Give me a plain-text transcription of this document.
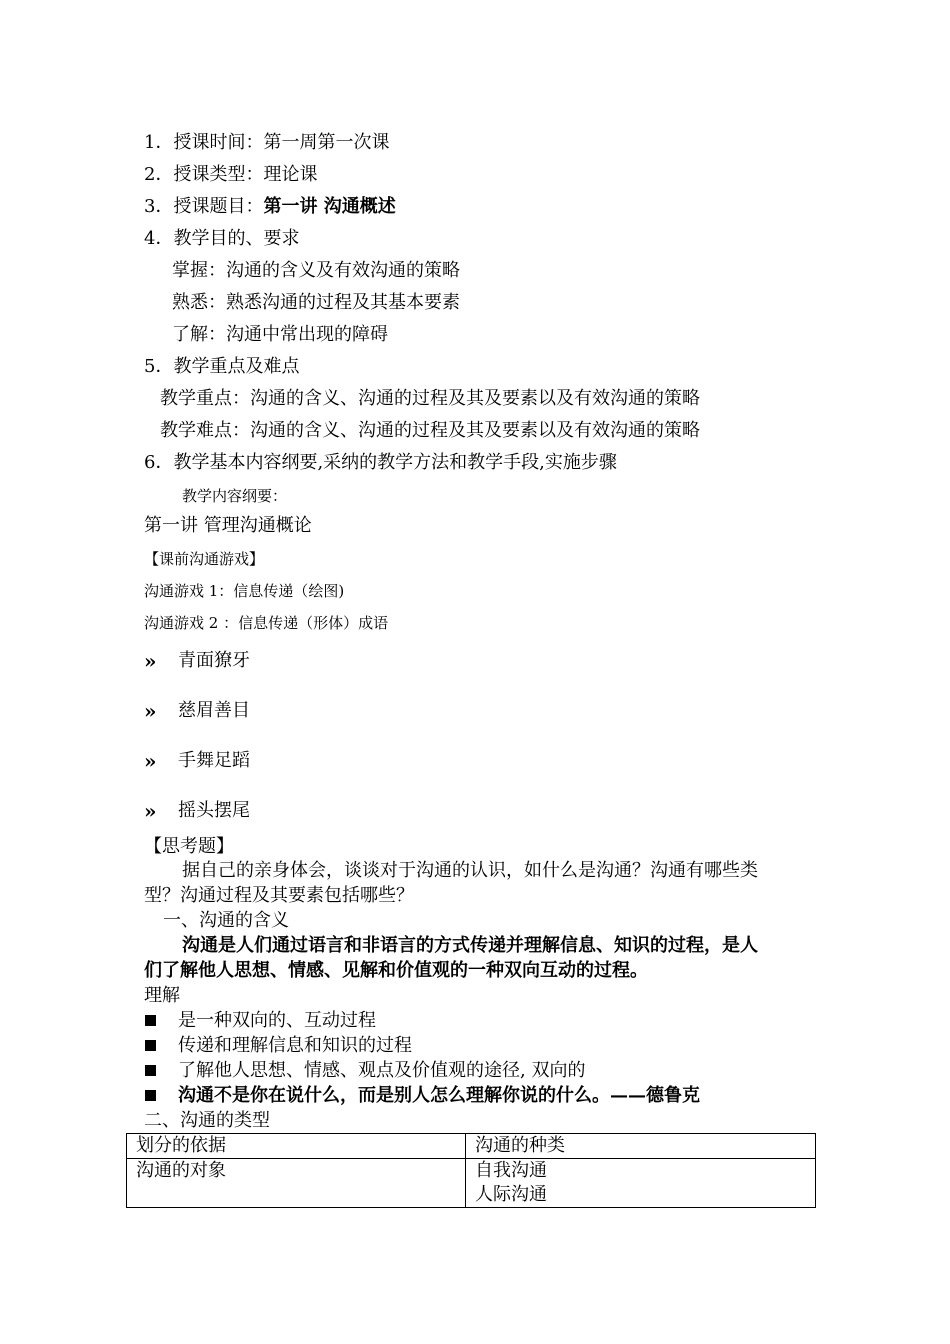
1．授课时间：第一周第一次课
2．授课类型：理论课
3．授课题目：第一讲 沟通概述
4．教学目的、要求
掌握：沟通的含义及有效沟通的策略
熟悉：熟悉沟通的过程及其基本要素
了解：沟通中常出现的障碍
5．教学重点及难点
教学重点：沟通的含义、沟通的过程及其及要素以及有效沟通的策略
教学难点：沟通的含义、沟通的过程及其及要素以及有效沟通的策略
6．教学基本内容纲要,采纳的教学方法和教学手段,实施步骤
教学内容纲要：
第一讲 管理沟通概论
【课前沟通游戏】
沟通游戏 1：信息传递（绘图)
沟通游戏 2 ：信息传递（形体）成语
» 青面獠牙
» 慈眉善目
» 手舞足蹈
» 摇头摆尾
【思考题】
据自己的亲身体会，谈谈对于沟通的认识，如什么是沟通？沟通有哪些类
型？沟通过程及其要素包括哪些？
一、沟通的含义
沟通是人们通过语言和非语言的方式传递并理解信息、知识的过程，是人
们了解他人思想、情感、见解和价值观的一种双向互动的过程。
理解
是一种双向的、互动过程
传递和理解信息和知识的过程
了解他人思想、情感、观点及价值观的途径, 双向的
沟通不是你在说什么，而是别人怎么理解你说的什么。——德鲁克
二、沟通的类型
划分的依据	沟通的种类
沟通的对象	自我沟通
人际沟通
